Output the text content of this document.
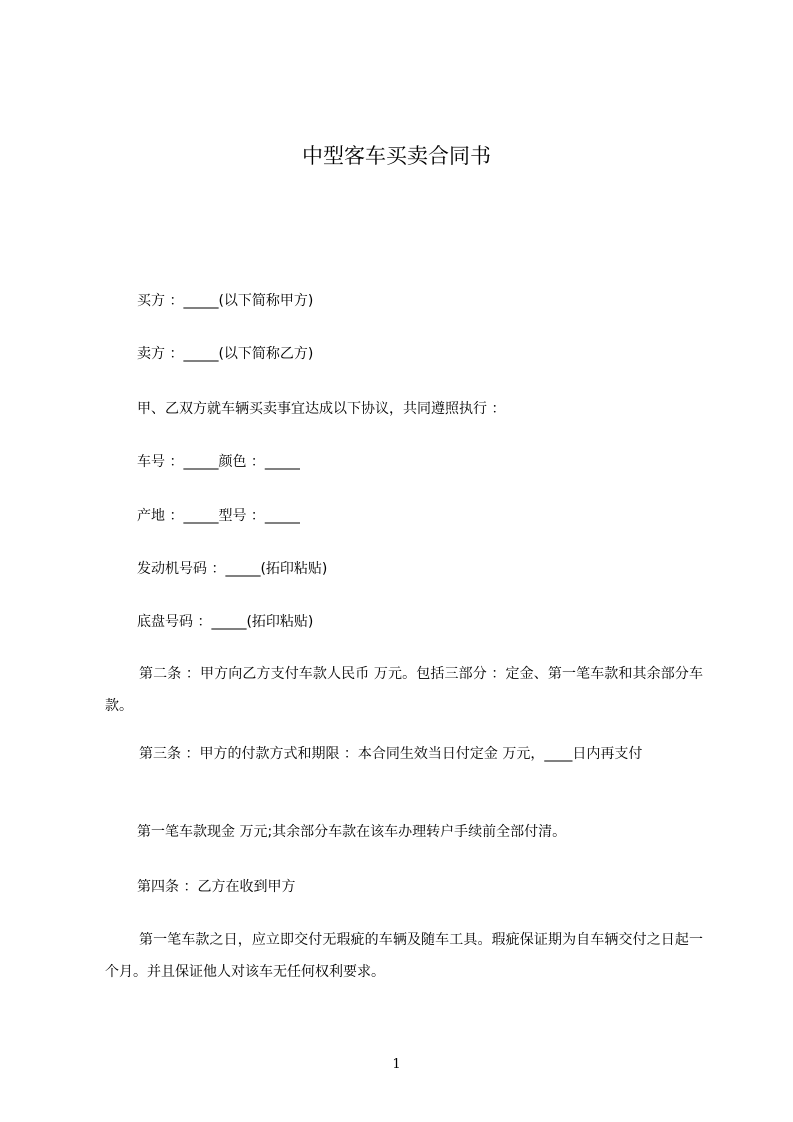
中型客车买卖合同书
买方 ：_____(以下简称甲方)
卖方 ：_____(以下简称乙方)
甲、乙双方就车辆买卖事宜达成以下协议，共同遵照执行 ：
车号 ：_____颜色 ：_____
产地 ：_____型号 ：_____
发动机号码 ：_____(拓印粘贴)
底盘号码 ：_____(拓印粘贴)
第二条 ：甲方向乙方支付车款人民币 万元。包括三部分 ：定金、第一笔车款和其余部分车款。
第三条 ：甲方的付款方式和期限 ：本合同生效当日付定金 万元，____日内再支付
第一笔车款现金 万元;其余部分车款在该车办理转户手续前全部付清。
第四条 ：乙方在收到甲方
第一笔车款之日，应立即交付无瑕疵的车辆及随车工具。瑕疵保证期为自车辆交付之日起一个月。并且保证他人对该车无任何权利要求。
1
